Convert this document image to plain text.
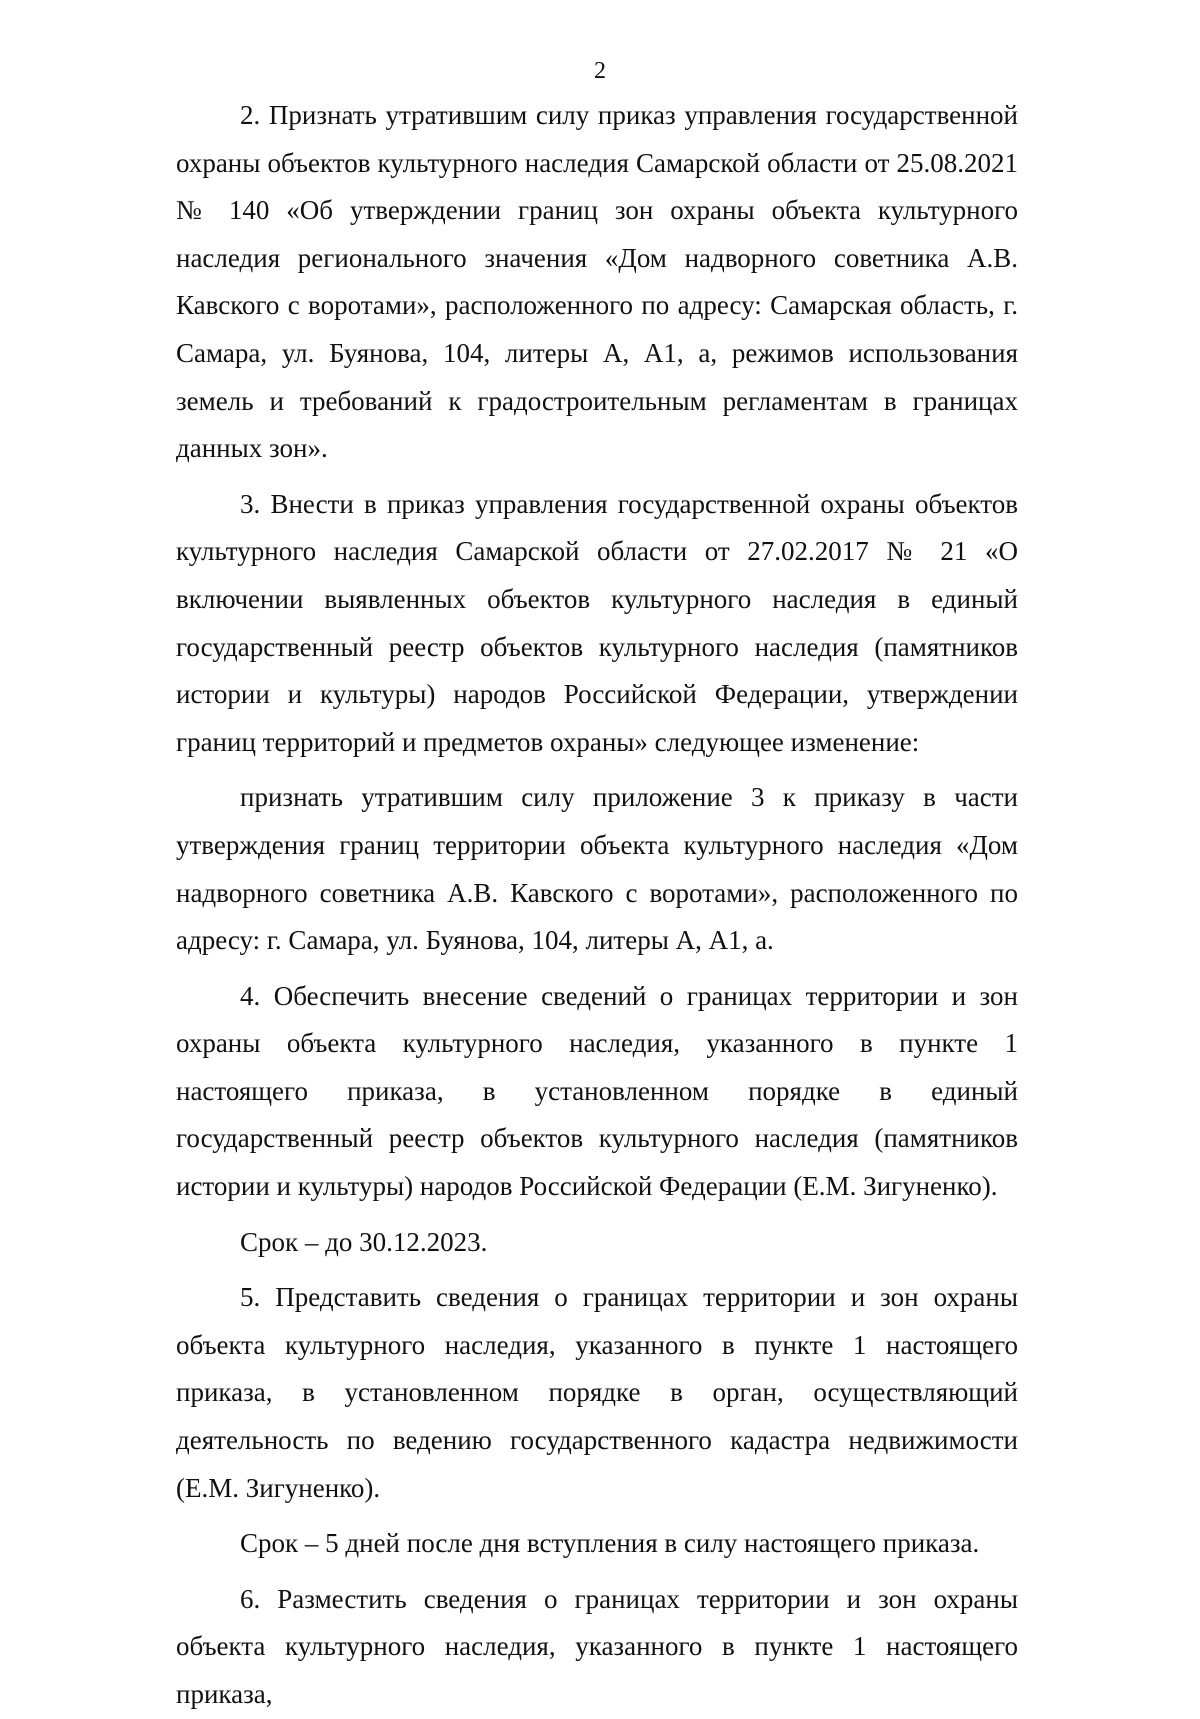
2

2. Признать утратившим силу приказ управления государственной охраны объектов культурного наследия Самарской области от 25.08.2021 № 140 «Об утверждении границ зон охраны объекта культурного наследия регионального значения «Дом надворного советника А.В. Кавского с воротами», расположенного по адресу: Самарская область, г. Самара, ул. Буянова, 104, литеры А, А1, а, режимов использования земель и требований к градостроительным регламентам в границах данных зон».

3. Внести в приказ управления государственной охраны объектов культурного наследия Самарской области от 27.02.2017 № 21 «О включении выявленных объектов культурного наследия в единый государственный реестр объектов культурного наследия (памятников истории и культуры) народов Российской Федерации, утверждении границ территорий и предметов охраны» следующее изменение:

признать утратившим силу приложение 3 к приказу в части утверждения границ территории объекта культурного наследия «Дом надворного советника А.В. Кавского с воротами», расположенного по адресу: г. Самара, ул. Буянова, 104, литеры А, А1, а.

4. Обеспечить внесение сведений о границах территории и зон охраны объекта культурного наследия, указанного в пункте 1 настоящего приказа, в установленном порядке в единый государственный реестр объектов культурного наследия (памятников истории и культуры) народов Российской Федерации (Е.М. Зигуненко).

Срок – до 30.12.2023.

5. Представить сведения о границах территории и зон охраны объекта культурного наследия, указанного в пункте 1 настоящего приказа, в установленном порядке в орган, осуществляющий деятельность по ведению государственного кадастра недвижимости (Е.М. Зигуненко).

Срок – 5 дней после дня вступления в силу настоящего приказа.

6. Разместить сведения о границах территории и зон охраны объекта культурного наследия, указанного в пункте 1 настоящего приказа,
